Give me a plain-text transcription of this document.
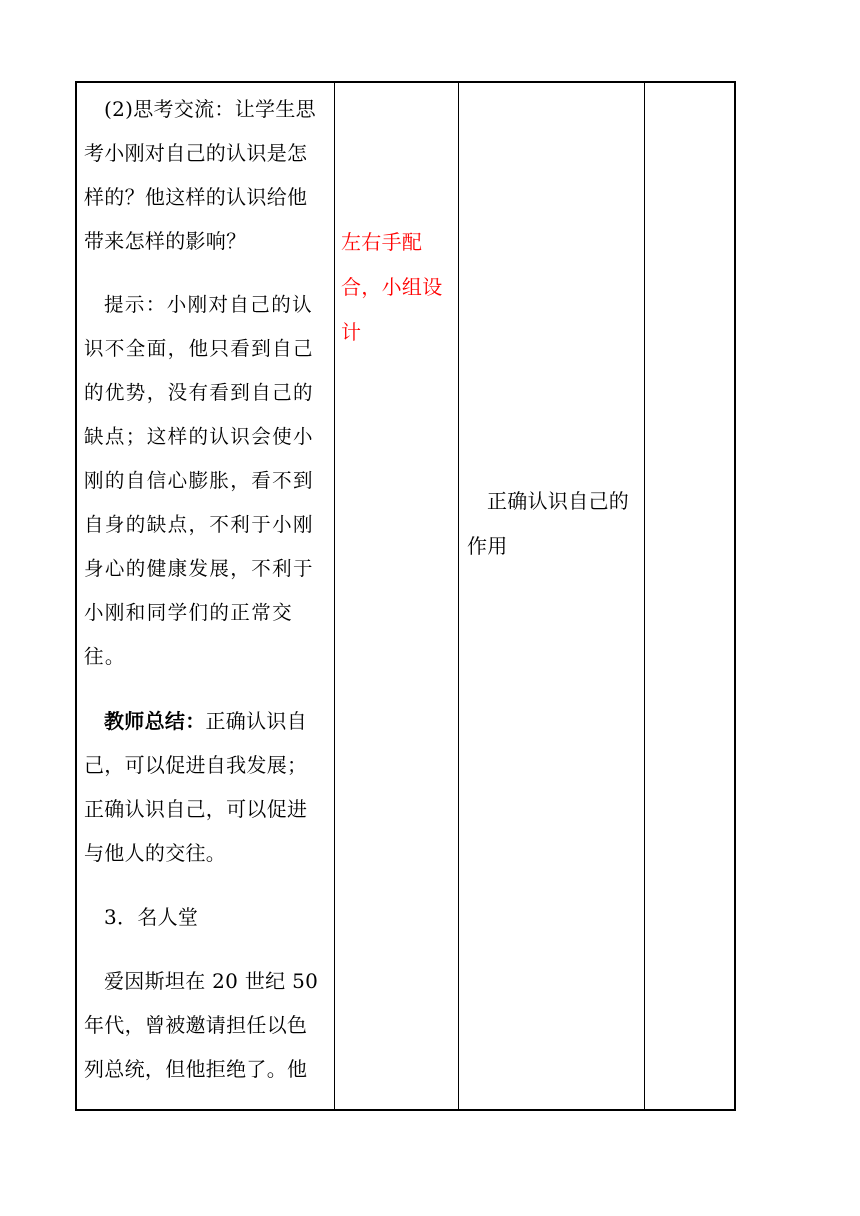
(2)思考交流：让学生思
考小刚对自己的认识是怎
样的？他这样的认识给他
带来怎样的影响？
提示：小刚对自己的认
识不全面，他只看到自己
的优势，没有看到自己的
缺点；这样的认识会使小
刚的自信心膨胀，看不到
自身的缺点，不利于小刚
身心的健康发展，不利于
小刚和同学们的正常交
往。
教师总结：正确认识自
己，可以促进自我发展；
正确认识自己，可以促进
与他人的交往。
3．名人堂
爱因斯坦在 20 世纪 50
年代，曾被邀请担任以色
列总统，但他拒绝了。他
左右手配
合，小组设
计
正确认识自己的
作用
